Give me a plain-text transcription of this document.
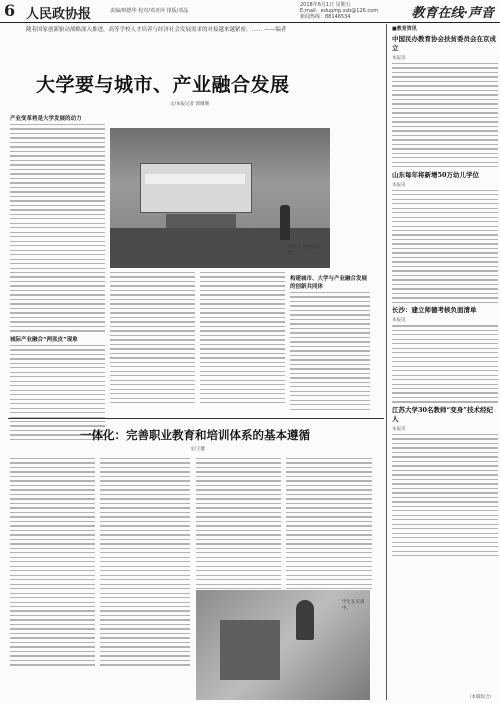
6 人民政协报	责编/韩德华 校对/邓亚萍 排版/邓晶
2018年6月1日 星期五
E-mail：edupmp.ssb@126.com
新闻热线：88146534	教育在线·声音
随着国家创新驱动战略深入推进，高等学校人才培养与经济社会发展需求的对接越来越紧密。…… ——编者
大学要与城市、产业融合发展
文/本报记者 郭珊珊
产业变革将是大学发展的动力
城际产业融合“两张皮”现象
国际大学校长论坛……
构建城市、大学与产业融合发展的创新共同体
一体化：完善职业教育和培训体系的基本遵循
文/王健
学生在实训中。
■教育资讯
中国民办教育协会扶贫委员会在京成立
本报讯
山东每年将新增50万幼儿学位
本报讯
长沙：建立师德考核负面清单
本报讯
江苏大学30名教师“变身”技术经纪人
本报讯
（本版综合）
